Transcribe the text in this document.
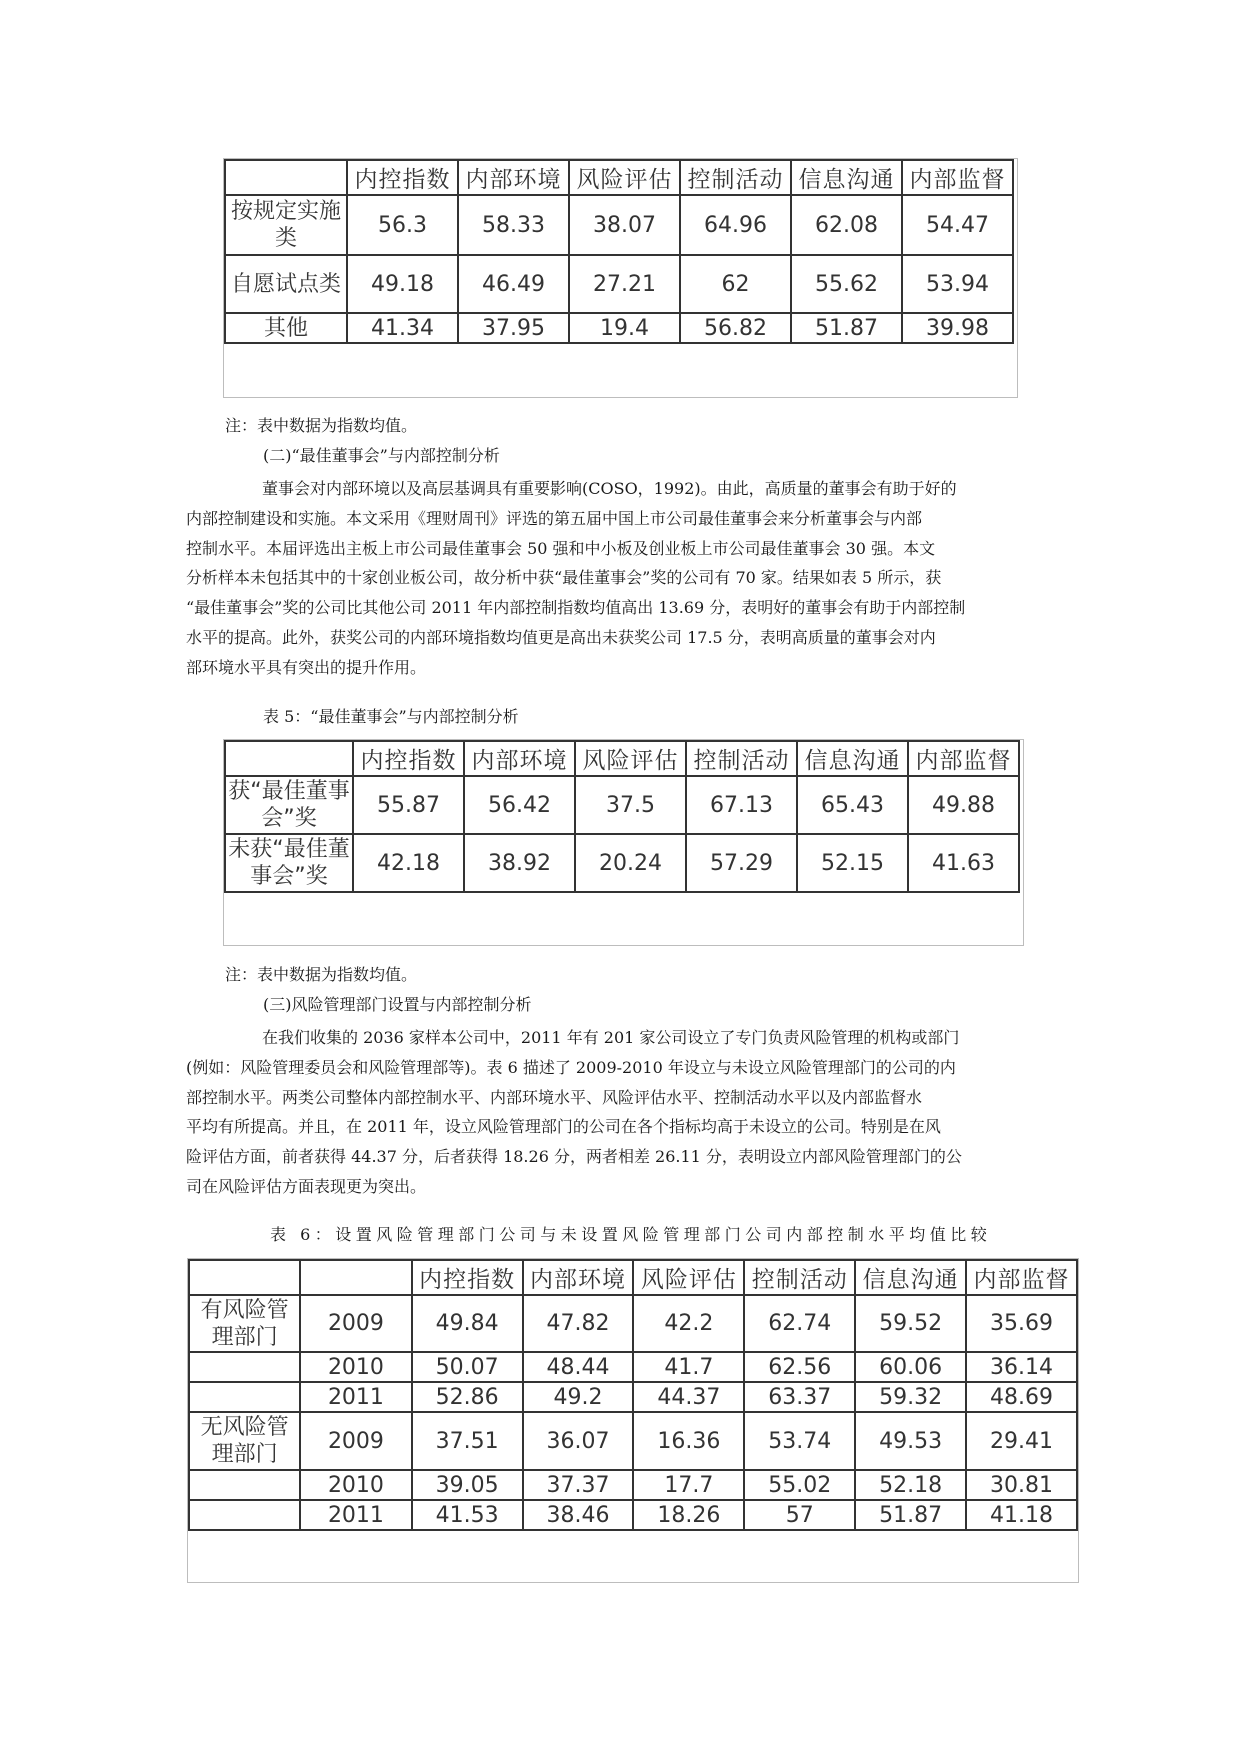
	内控指数	内部环境	风险评估	控制活动	信息沟通	内部监督
按规定实施类	56.3	58.33	38.07	64.96	62.08	54.47
自愿试点类	49.18	46.49	27.21	62	55.62	53.94
其他	41.34	37.95	19.4	56.82	51.87	39.98
注：表中数据为指数均值。
(二)“最佳董事会”与内部控制分析

董事会对内部环境以及高层基调具有重要影响(COSO，1992)。由此，高质量的董事会有助于好的

内部控制建设和实施。本文采用《理财周刊》评选的第五届中国上市公司最佳董事会来分析董事会与内部

控制水平。本届评选出主板上市公司最佳董事会 50 强和中小板及创业板上市公司最佳董事会 30 强。本文

分析样本未包括其中的十家创业板公司，故分析中获“最佳董事会”奖的公司有 70 家。结果如表 5 所示，获

“最佳董事会”奖的公司比其他公司 2011 年内部控制指数均值高出 13.69 分，表明好的董事会有助于内部控制

水平的提高。此外，获奖公司的内部环境指数均值更是高出未获奖公司 17.5 分，表明高质量的董事会对内

部环境水平具有突出的提升作用。

表 5：“最佳董事会”与内部控制分析
	内控指数	内部环境	风险评估	控制活动	信息沟通	内部监督
获“最佳董事会”奖	55.87	56.42	37.5	67.13	65.43	49.88
未获“最佳董事会”奖	42.18	38.92	20.24	57.29	52.15	41.63
注：表中数据为指数均值。
(三)风险管理部门设置与内部控制分析

在我们收集的 2036 家样本公司中，2011 年有 201 家公司设立了专门负责风险管理的机构或部门

(例如：风险管理委员会和风险管理部等)。表 6 描述了 2009-2010 年设立与未设立风险管理部门的公司的内

部控制水平。两类公司整体内部控制水平、内部环境水平、风险评估水平、控制活动水平以及内部监督水

平均有所提高。并且，在 2011 年，设立风险管理部门的公司在各个指标均高于未设立的公司。特别是在风

险评估方面，前者获得 44.37 分，后者获得 18.26 分，两者相差 26.11 分，表明设立内部风险管理部门的公

司在风险评估方面表现更为突出。

表 6：设置风险管理部门公司与未设置风险管理部门公司内部控制水平均值比较
		内控指数	内部环境	风险评估	控制活动	信息沟通	内部监督
有风险管理部门	2009	49.84	47.82	42.2	62.74	59.52	35.69
	2010	50.07	48.44	41.7	62.56	60.06	36.14
	2011	52.86	49.2	44.37	63.37	59.32	48.69
无风险管理部门	2009	37.51	36.07	16.36	53.74	49.53	29.41
	2010	39.05	37.37	17.7	55.02	52.18	30.81
	2011	41.53	38.46	18.26	57	51.87	41.18
